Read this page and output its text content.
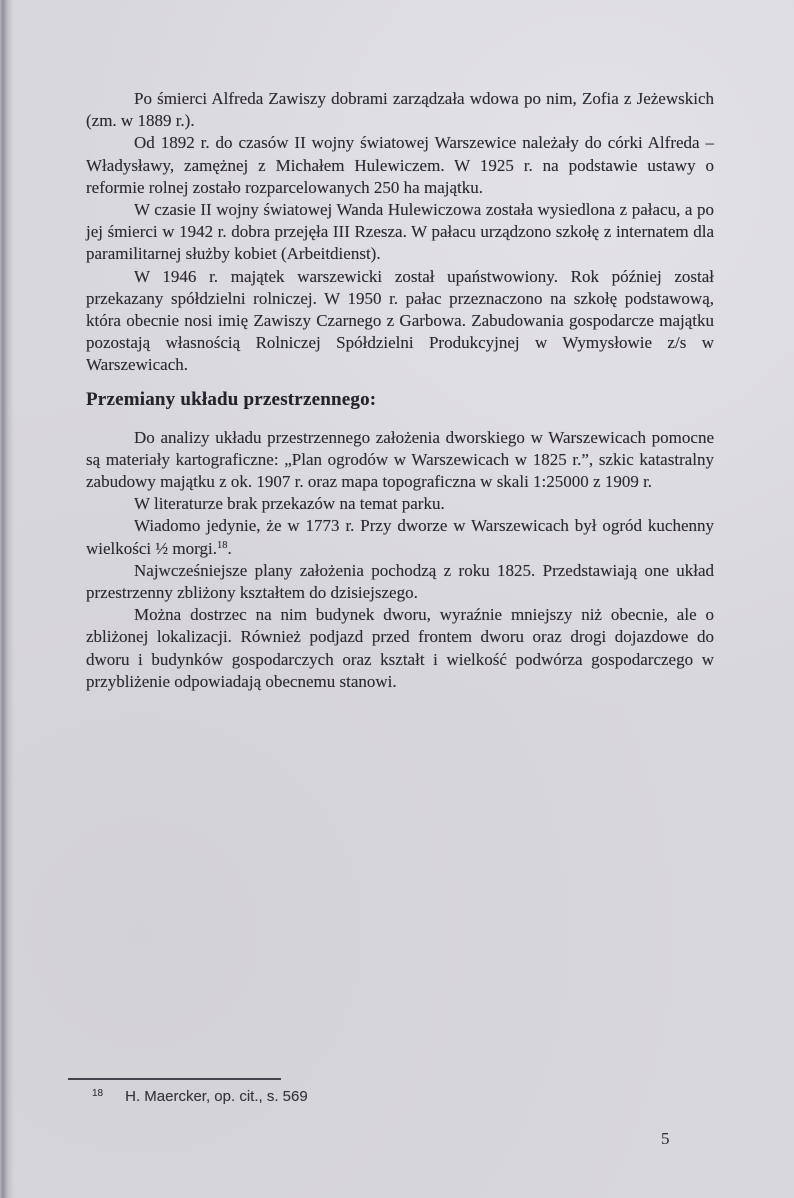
Po śmierci Alfreda Zawiszy dobrami zarządzała wdowa po nim, Zofia z Jeżewskich (zm. w 1889 r.).

Od 1892 r. do czasów II wojny światowej Warszewice należały do córki Alfreda – Władysławy, zamężnej z Michałem Hulewiczem. W 1925 r. na podstawie ustawy o reformie rolnej zostało rozparcelowanych 250 ha majątku.

W czasie II wojny światowej Wanda Hulewiczowa została wysiedlona z pałacu, a po jej śmierci w 1942 r. dobra przejęła III Rzesza. W pałacu urządzono szkołę z internatem dla paramilitarnej służby kobiet (Arbeitdienst).

W 1946 r. majątek warszewicki został upaństwowiony. Rok później został przekazany spółdzielni rolniczej. W 1950 r. pałac przeznaczono na szkołę podstawową, która obecnie nosi imię Zawiszy Czarnego z Garbowa. Zabudowania gospodarcze majątku pozostają własnością Rolniczej Spółdzielni Produkcyjnej w Wymysłowie z/s w Warszewicach.

Przemiany układu przestrzennego:

Do analizy układu przestrzennego założenia dworskiego w Warszewicach pomocne są materiały kartograficzne: „Plan ogrodów w Warszewicach w 1825 r.”, szkic katastralny zabudowy majątku z ok. 1907 r. oraz mapa topograficzna w skali 1:25000 z 1909 r.

W literaturze brak przekazów na temat parku.

Wiadomo jedynie, że w 1773 r. Przy dworze w Warszewicach był ogród kuchenny wielkości ½ morgi.$^{18}$.

Najwcześniejsze plany założenia pochodzą z roku 1825. Przedstawiają one układ przestrzenny zbliżony kształtem do dzisiejszego.

Można dostrzec na nim budynek dworu, wyraźnie mniejszy niż obecnie, ale o zbliżonej lokalizacji. Również podjazd przed frontem dworu oraz drogi dojazdowe do dworu i budynków gospodarczych oraz kształt i wielkość podwórza gospodarczego w przybliżenie odpowiadają obecnemu stanowi.

$^{18}$ H. Maercker, op. cit., s. 569
5
